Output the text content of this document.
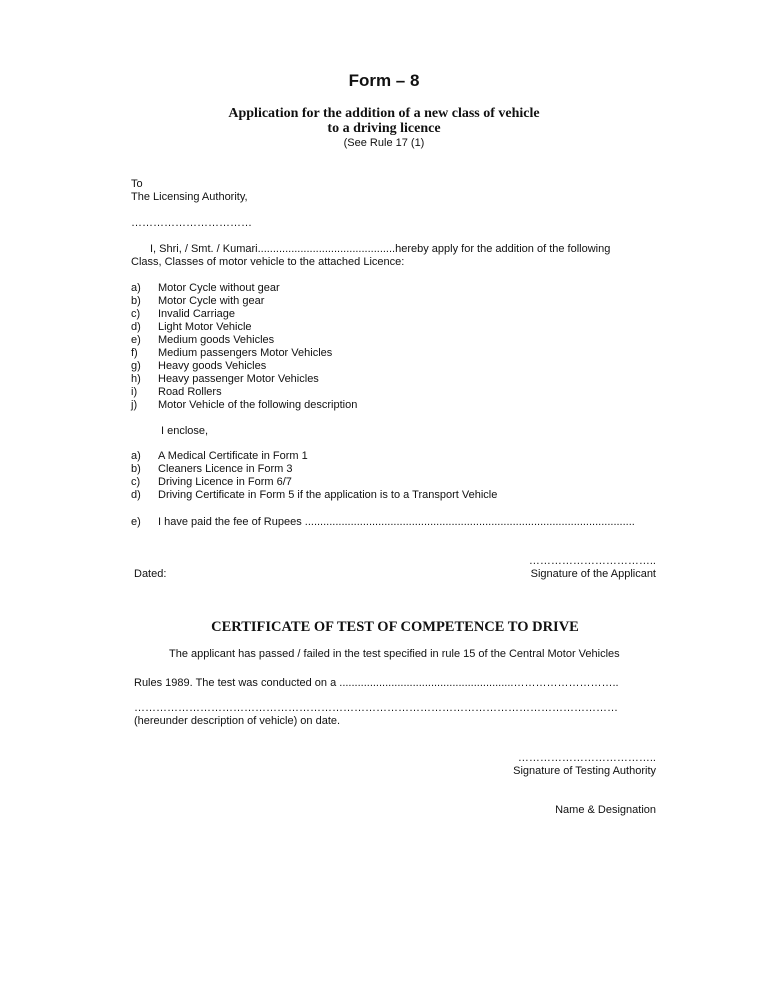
Form – 8
Application for the addition of a new class of vehicle
to a driving licence
(See Rule 17 (1)
To
The Licensing Authority,
……………………………
I, Shri, / Smt. / Kumari.............................................hereby apply for the addition of the following
Class, Classes of motor vehicle to the attached Licence:
a)	Motor Cycle without gear
b)	Motor Cycle with gear
c)	Invalid Carriage
d)	Light Motor Vehicle
e)	Medium goods Vehicles
f)	Medium passengers Motor Vehicles
g)	Heavy goods Vehicles
h)	Heavy passenger Motor Vehicles
i)	Road Rollers
j)	Motor Vehicle of the following description
I enclose,
a)	A Medical Certificate in Form 1
b)	Cleaners Licence in Form 3
c)	Driving Licence in Form 6/7
d)	Driving Certificate in Form 5 if the application is to a Transport Vehicle
e)	I have paid the fee of Rupees ............................................................................................................
……………………………..
Dated:	Signature of the Applicant
CERTIFICATE OF TEST OF COMPETENCE TO DRIVE
The applicant has passed / failed in the test specified in rule 15 of the Central Motor Vehicles
Rules 1989. The test was conducted on a .........................................................………………………..
……………………………………………………………………………………………………………………
(hereunder description of vehicle) on date.
………………………………..
Signature of Testing Authority
Name & Designation
